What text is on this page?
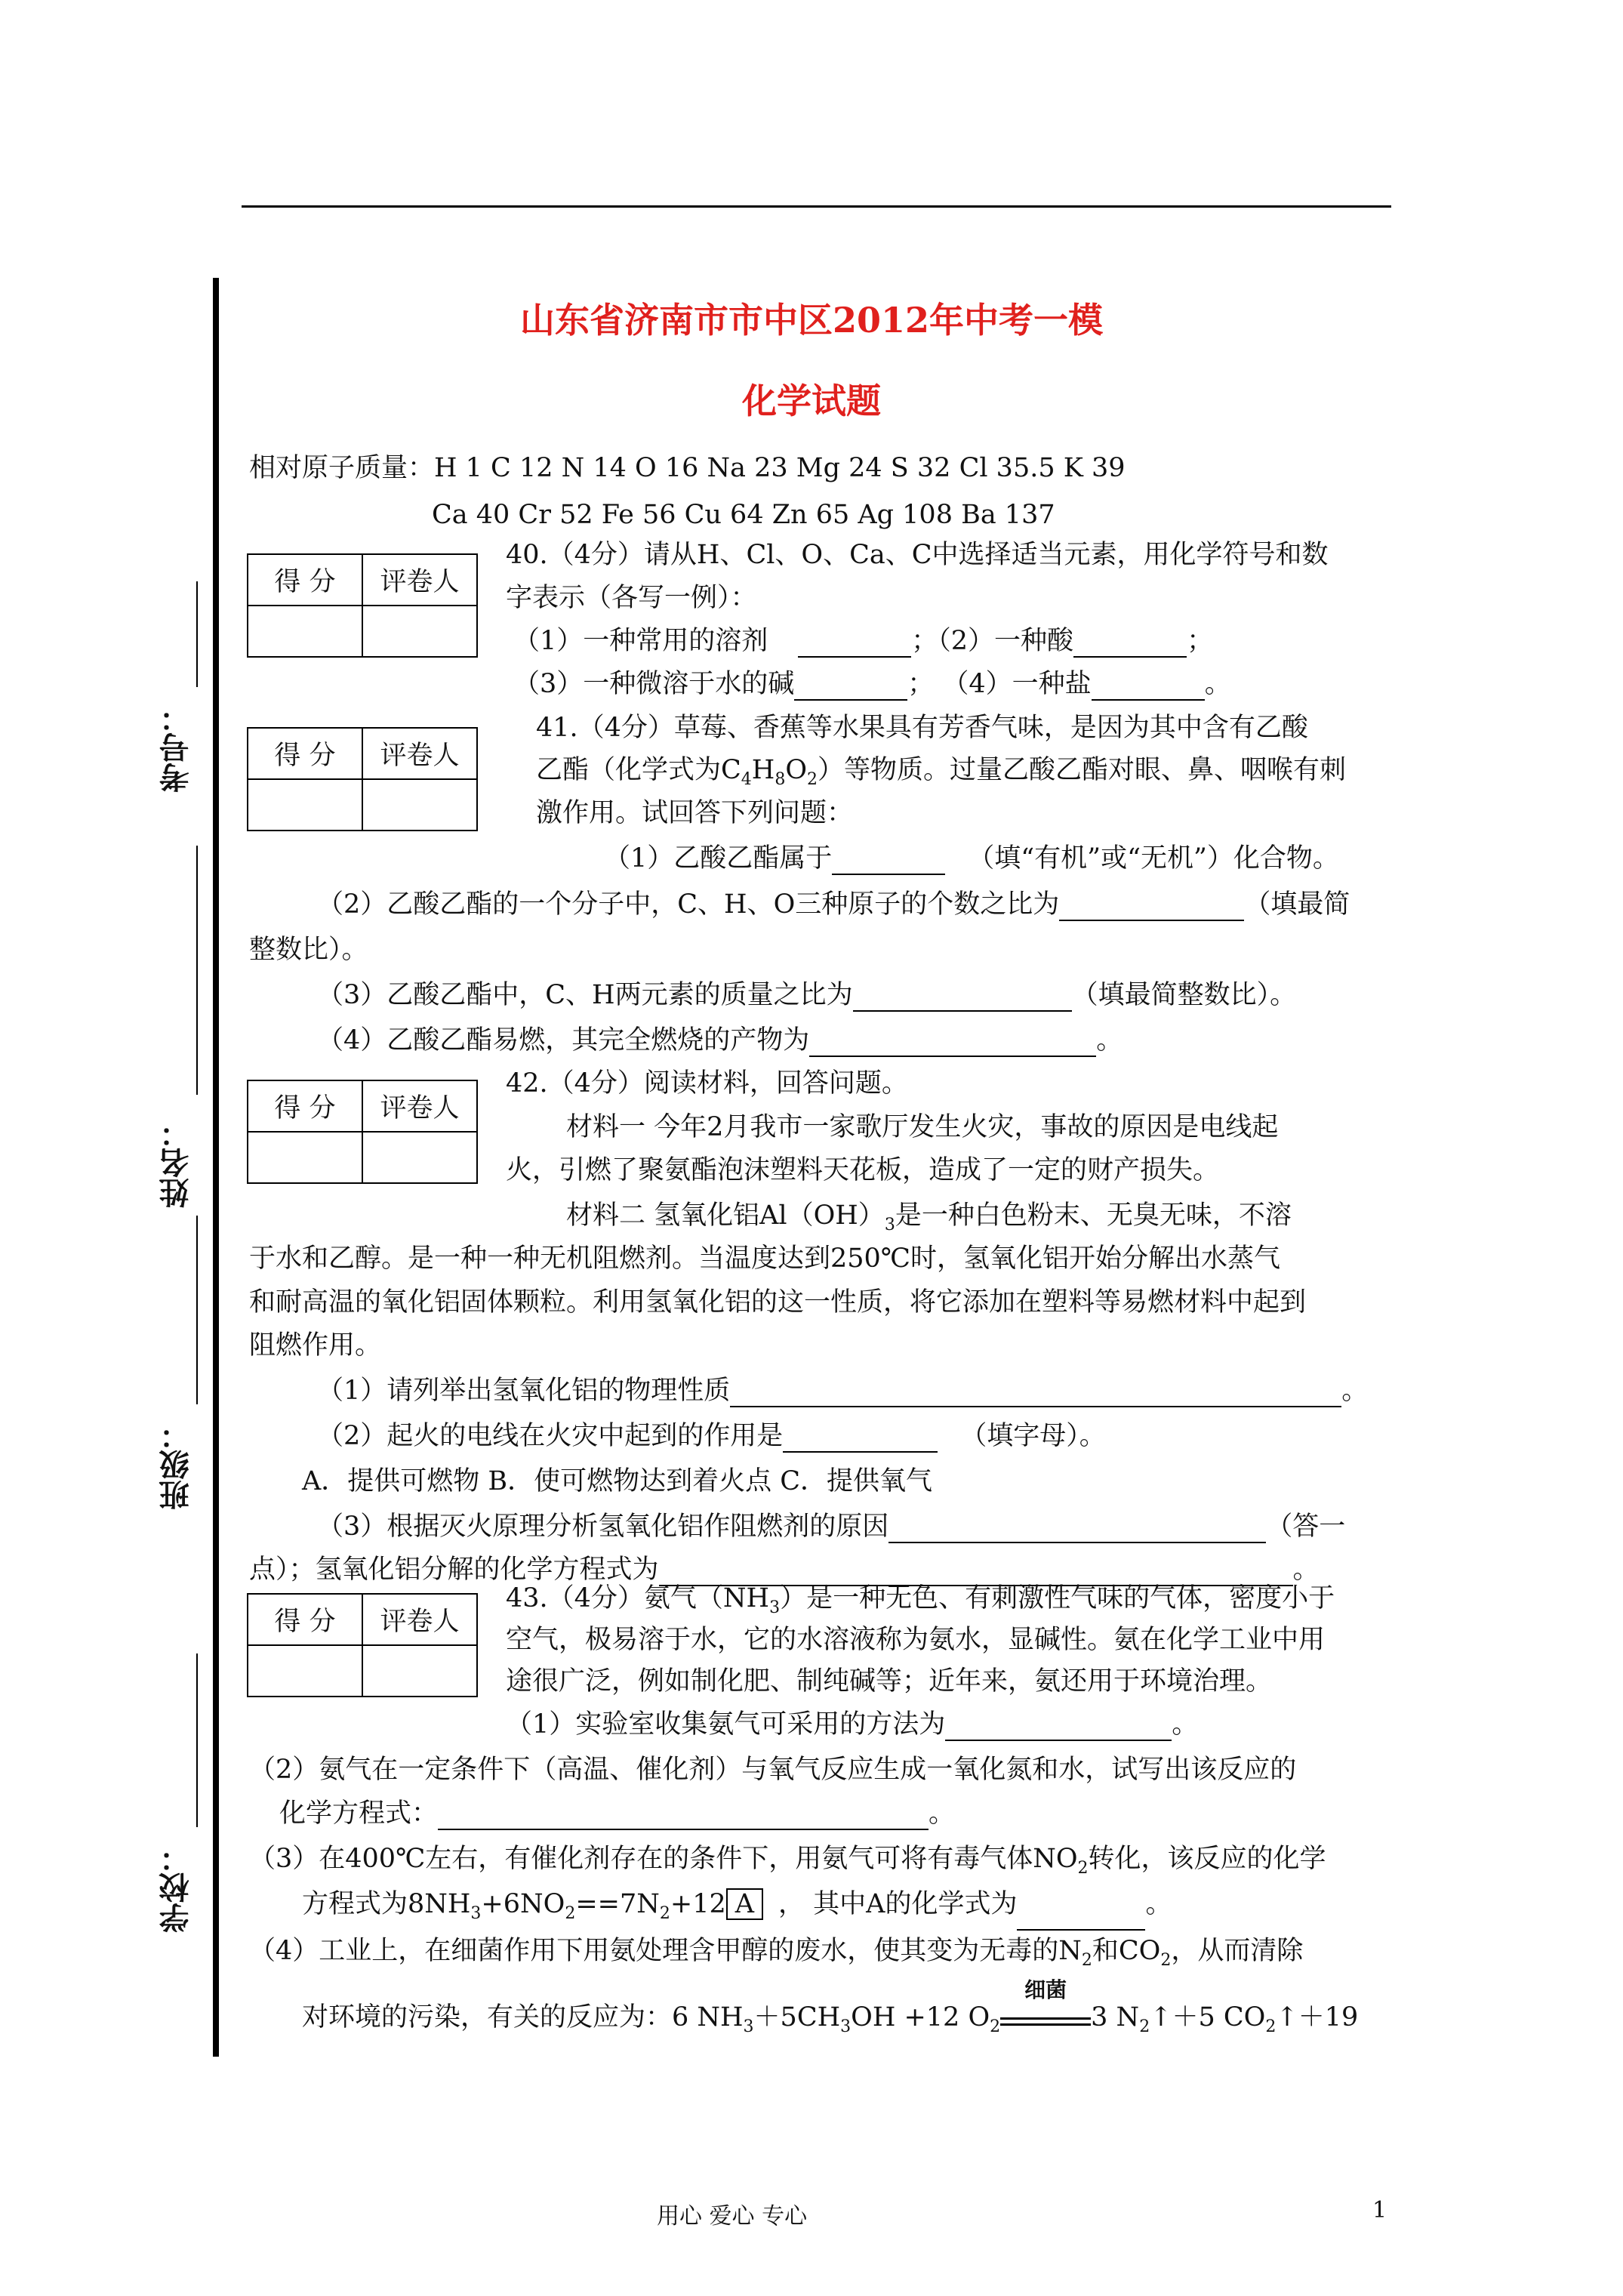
考号：
姓名：
班级：
学校：
山东省济南市市中区2012年中考一模
化学试题
相对原子质量：H 1 C 12 N 14 O 16 Na 23 Mg 24 S 32 Cl 35.5 K 39
Ca 40 Cr 52 Fe 56 Cu 64 Zn 65 Ag 108 Ba 137
得 分	评卷人

得 分	评卷人

得 分	评卷人

得 分	评卷人

40.（4分）请从H、Cl、O、Ca、C中选择适当元素，用化学符号和数
字表示（各写一例）：
（1）一种常用的溶剂	；（2）一种酸	；
（3）一种微溶于水的碱	； （4）一种盐	。
41.（4分）草莓、香蕉等水果具有芳香气味，是因为其中含有乙酸
乙酯（化学式为$C_4H_8O_2$）等物质。过量乙酸乙酯对眼、鼻、咽喉有刺
激作用。试回答下列问题：
（1）乙酸乙酯属于	（填“有机”或“无机”）化合物。
（2）乙酸乙酯的一个分子中，C、H、O三种原子的个数之比为	（填最简
整数比）。
（3）乙酸乙酯中，C、H两元素的质量之比为	（填最简整数比）。
（4）乙酸乙酯易燃，其完全燃烧的产物为	。
42.（4分）阅读材料，回答问题。
材料一 今年2月我市一家歌厅发生火灾，事故的原因是电线起
火，引燃了聚氨酯泡沫塑料天花板，造成了一定的财产损失。
材料二 氢氧化铝$Al(OH)_3$是一种白色粉末、无臭无味，不溶
于水和乙醇。是一种一种无机阻燃剂。当温度达到250℃时，氢氧化铝开始分解出水蒸气
和耐高温的氧化铝固体颗粒。利用氢氧化铝的这一性质，将它添加在塑料等易燃材料中起到
阻燃作用。
（1）请列举出氢氧化铝的物理性质	。
（2）起火的电线在火灾中起到的作用是	（填字母）。
A．提供可燃物 B．使可燃物达到着火点 C．提供氧气
（3）根据灭火原理分析氢氧化铝作阻燃剂的原因	（答一
点）；氢氧化铝分解的化学方程式为	。
43.（4分）氨气$(NH_3)$是一种无色、有刺激性气味的气体，密度小于
空气，极易溶于水，它的水溶液称为氨水，显碱性。氨在化学工业中用
途很广泛，例如制化肥、制纯碱等；近年来，氨还用于环境治理。
（1）实验室收集氨气可采用的方法为	。
（2）氨气在一定条件下（高温、催化剂）与氧气反应生成一氧化氮和水，试写出该反应的
化学方程式：	。
（3）在400℃左右，有催化剂存在的条件下，用氨气可将有毒气体$NO_2$转化，该反应的化学
方程式为$8NH_3+6NO_2==7N_2+12$ A ， 其中A的化学式为	。
（4）工业上，在细菌作用下用氨处理含甲醇的废水，使其变为无毒的$N_2$和$CO_2$，从而清除
对环境的污染，有关的反应为：6 $NH_3+5CH_3OH +12$ $O_2$
细菌
3 $N_2↑+5$ $CO_2↑+19$
用心 爱心 专心	1
